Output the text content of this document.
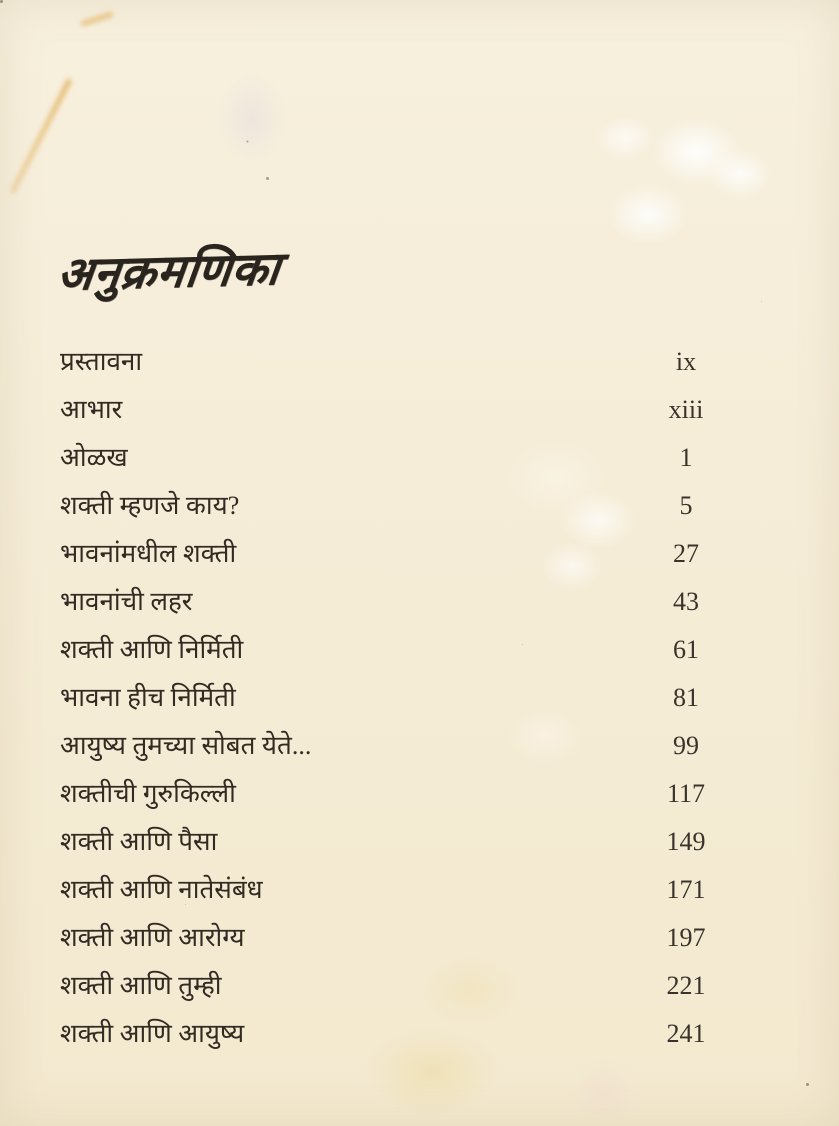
अनुक्रमणिका
प्रस्तावना	ix
आभार	xiii
ओळख	1
शक्ती म्हणजे काय?	5
भावनांमधील शक्ती	27
भावनांची लहर	43
शक्ती आणि निर्मिती	61
भावना हीच निर्मिती	81
आयुष्य तुमच्या सोबत येते...	99
शक्तीची गुरुकिल्ली	117
शक्ती आणि पैसा	149
शक्ती आणि नातेसंबंध	171
शक्ती आणि आरोग्य	197
शक्ती आणि तुम्ही	221
शक्ती आणि आयुष्य	241
